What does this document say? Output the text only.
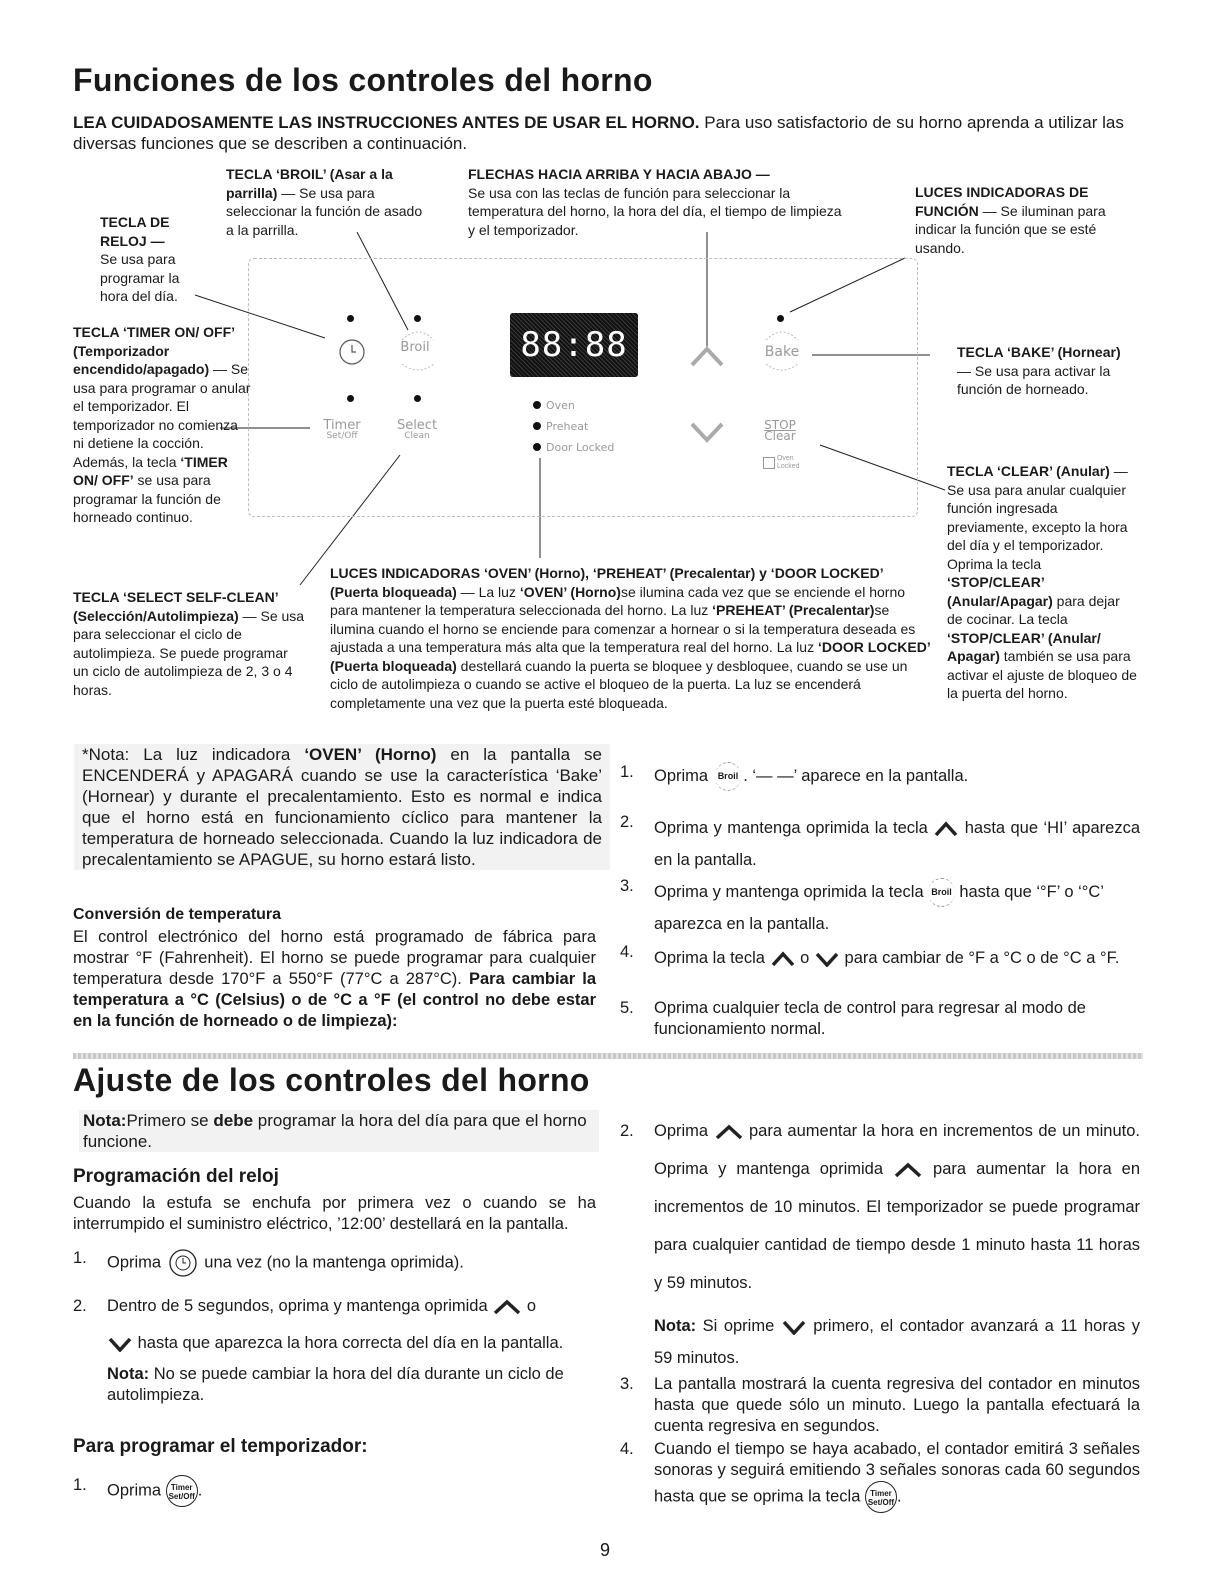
Funciones de los controles del horno
LEA CUIDADOSAMENTE LAS INSTRUCCIONES ANTES DE USAR EL HORNO. Para uso satisfactorio de su horno aprenda a utilizar las diversas funciones que se describen a continuación.
Broil
Timer
Set/Off
Select
Clean
88:88
Oven
Preheat
Door Locked
Bake
STOP
Clear
Oven
Locked
TECLA DE RELOJ —
Se usa para programar la hora del día.
TECLA ‘BROIL’ (Asar a la parrilla) — Se usa para seleccionar la función de asado a la parrilla.
FLECHAS HACIA ARRIBA Y HACIA ABAJO —
Se usa con las teclas de función para seleccionar la temperatura del horno, la hora del día, el tiempo de limpieza y el temporizador.
LUCES INDICADORAS DE FUNCIÓN — Se iluminan para indicar la función que se esté usando.
TECLA ‘TIMER ON/ OFF’ (Temporizador encendido/apagado) — Se usa para programar o anular el temporizador. El temporizador no comienza ni detiene la cocción. Además, la tecla ‘TIMER ON/ OFF’ se usa para programar la función de horneado continuo.
TECLA ‘BAKE’ (Hornear) — Se usa para activar la función de horneado.
TECLA ‘CLEAR’ (Anular) — Se usa para anular cualquier función ingresada previamente, excepto la hora del día y el temporizador. Oprima la tecla ‘STOP/CLEAR’ (Anular/Apagar) para dejar de cocinar. La tecla ‘STOP/CLEAR’ (Anular/ Apagar) también se usa para activar el ajuste de bloqueo de la puerta del horno.
TECLA ‘SELECT SELF-CLEAN’ (Selección/Autolimpieza) — Se usa para seleccionar el ciclo de autolimpieza. Se puede programar un ciclo de autolimpieza de 2, 3 o 4 horas.
LUCES INDICADORAS ‘OVEN’ (Horno), ‘PREHEAT’ (Precalentar) y ‘DOOR LOCKED’ (Puerta bloqueada) — La luz ‘OVEN’ (Horno)se ilumina cada vez que se enciende el horno para mantener la temperatura seleccionada del horno. La luz ‘PREHEAT’ (Precalentar)se ilumina cuando el horno se enciende para comenzar a hornear o si la temperatura deseada es ajustada a una temperatura más alta que la temperatura real del horno. La luz ‘DOOR LOCKED’ (Puerta bloqueada) destellará cuando la puerta se bloquee y desbloquee, cuando se use un ciclo de autolimpieza o cuando se active el bloqueo de la puerta. La luz se encenderá completamente una vez que la puerta esté bloqueada.
*Nota: La luz indicadora ‘OVEN’ (Horno) en la pantalla se ENCENDERÁ y APAGARÁ cuando se use la característica ‘Bake’ (Hornear) y durante el precalentamiento. Esto es normal e indica que el horno está en funcionamiento cíclico para mantener la temperatura de horneado seleccionada. Cuando la luz indicadora de precalentamiento se APAGUE, su horno estará listo.
Conversión de temperatura
El control electrónico del horno está programado de fábrica para mostrar °F (Fahrenheit). El horno se puede programar para cualquier temperatura desde 170°F a 550°F (77°C a 287°C). Para cambiar la temperatura a °C (Celsius) o de °C a °F (el control no debe estar en la función de horneado o de limpieza):
1. Oprima Broil . ‘— —’ aparece en la pantalla.
2. Oprima y mantenga oprimida la tecla hasta que ‘HI’ aparezca en la pantalla.
3. Oprima y mantenga oprimida la tecla Broil hasta que ‘°F’ o ‘°C’ aparezca en la pantalla.
4. Oprima la tecla o para cambiar de °F a °C o de °C a °F.
5. Oprima cualquier tecla de control para regresar al modo de funcionamiento normal.
Ajuste de los controles del horno
Nota:Primero se debe programar la hora del día para que el horno funcione.
Programación del reloj
Cuando la estufa se enchufa por primera vez o cuando se ha interrumpido el suministro eléctrico, ’12:00’ destellará en la pantalla.
1. Oprima	una vez (no la mantenga oprimida).
2. Dentro de 5 segundos, oprima y mantenga oprimida o
hasta que aparezca la hora correcta del día en la pantalla.
Nota: No se puede cambiar la hora del día durante un ciclo de autolimpieza.
Para programar el temporizador:
1. Oprima Timer
Set/Off .
2. Oprima para aumentar la hora en incrementos de un minuto. Oprima y mantenga oprimida	para aumentar la hora en incrementos de 10 minutos. El temporizador se puede programar para cualquier cantidad de tiempo desde 1 minuto hasta 11 horas y 59 minutos.
Nota: Si oprime primero, el contador avanzará a 11 horas y 59 minutos.
3. La pantalla mostrará la cuenta regresiva del contador en minutos hasta que quede sólo un minuto. Luego la pantalla efectuará la cuenta regresiva en segundos.
4. Cuando el tiempo se haya acabado, el contador emitirá 3 señales sonoras y seguirá emitiendo 3 señales sonoras cada 60 segundos hasta que se oprima la tecla Timer
Set/Off .
9
